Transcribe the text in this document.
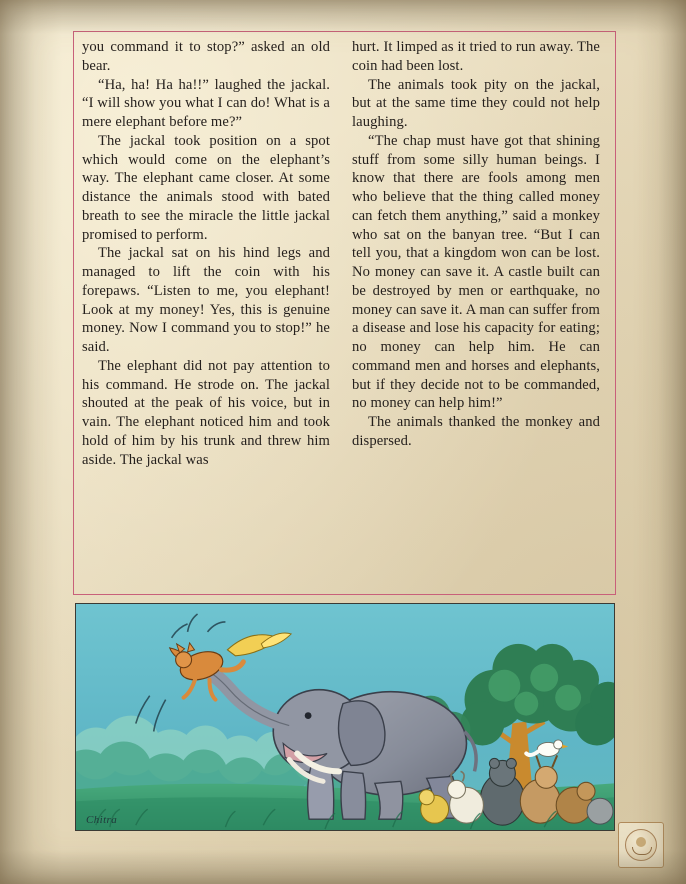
you command it to stop?” asked an old bear.

“Ha, ha! Ha ha!!” laughed the jackal. “I will show you what I can do! What is a mere elephant before me?”

The jackal took position on a spot which would come on the elephant’s way. The elephant came closer. At some distance the animals stood with bated breath to see the miracle the little jackal promised to perform.

The jackal sat on his hind legs and managed to lift the coin with his forepaws. “Listen to me, you elephant! Look at my money! Yes, this is genuine money. Now I command you to stop!” he said.

The elephant did not pay attention to his command. He strode on. The jackal shouted at the peak of his voice, but in vain. The elephant noticed him and took hold of him by his trunk and threw him aside. The jackal was

hurt. It limped as it tried to run away. The coin had been lost.

The animals took pity on the jackal, but at the same time they could not help laughing.

“The chap must have got that shining stuff from some silly human beings. I know that there are fools among men who believe that the thing called money can fetch them anything,” said a monkey who sat on the banyan tree. “But I can tell you, that a kingdom won can be lost. No money can save it. A castle built can be destroyed by men or earthquake, no money can save it. A man can suffer from a disease and lose his capacity for eating; no money can help him. He can command men and horses and elephants, but if they decide not to be commanded, no money can help him!”

The animals thanked the monkey and dispersed.

Chitra
